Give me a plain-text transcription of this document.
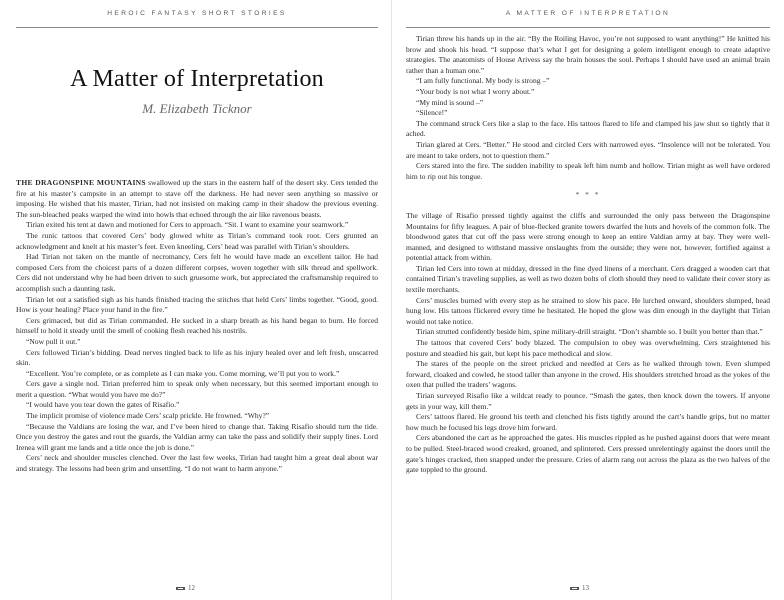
HEROIC FANTASY SHORT STORIES
A Matter of Interpretation
M. Elizabeth Ticknor

THE DRAGONSPINE MOUNTAINS swallowed up the stars in the eastern half of the desert sky. Cers tended the fire at his master’s campsite in an attempt to stave off the darkness. He had never seen anything so massive or imposing. He wished that his master, Tirian, had not insisted on making camp in their shadow the previous evening. The sun-bleached peaks warped the wind into howls that echoed through the air like ravenous beasts.

Tirian exited his tent at dawn and motioned for Cers to approach. “Sit. I want to examine your seamwork.”

The runic tattoos that covered Cers’ body glowed white as Tirian’s command took root. Cers grunted an acknowledgment and knelt at his master’s feet. Even kneeling, Cers’ head was parallel with Tirian’s shoulders.

Had Tirian not taken on the mantle of necromancy, Cers felt he would have made an excellent tailor. He had composed Cers from the choicest parts of a dozen different corpses, woven together with silk thread and spellwork. Cers did not understand why he had been driven to such gruesome work, but appreciated the craftsmanship required to accomplish such a daunting task.

Tirian let out a satisfied sigh as his hands finished tracing the stitches that held Cers’ limbs together. “Good, good. How is your healing? Place your hand in the fire.”

Cers grimaced, but did as Tirian commanded. He sucked in a sharp breath as his hand began to burn. He forced himself to hold it steady until the smell of cooking flesh reached his nostrils.

“Now pull it out.”

Cers followed Tirian’s bidding. Dead nerves tingled back to life as his injury healed over and left fresh, unscarred skin.

“Excellent. You’re complete, or as complete as I can make you. Come morning, we’ll put you to work.”

Cers gave a single nod. Tirian preferred him to speak only when necessary, but this seemed important enough to merit a question. “What would you have me do?”

“I would have you tear down the gates of Risafio.”

The implicit promise of violence made Cers’ scalp prickle. He frowned. “Why?”

“Because the Valdians are losing the war, and I’ve been hired to change that. Taking Risafio should turn the tide. Once you destroy the gates and rout the guards, the Valdian army can take the pass and solidify their supply lines. Lord Irenea will grant me lands and a title once the job is done.”

Cers’ neck and shoulder muscles clenched. Over the last few weeks, Tirian had taught him a great deal about war and strategy. The lessons had been grim and unsettling. “I do not want to harm anyone.”

12
A MATTER OF INTERPRETATION

Tirian threw his hands up in the air. “By the Roiling Havoc, you’re not supposed to want anything!” He knitted his brow and shook his head. “I suppose that’s what I get for designing a golem intelligent enough to create adaptive strategies. The anatomists of House Arivess say the brain houses the soul. Perhaps I should have used an animal brain rather than a human one.”

“I am fully functional. My body is strong –”

“Your body is not what I worry about.”

“My mind is sound –”

“Silence!”

The command struck Cers like a slap to the face. His tattoos flared to life and clamped his jaw shut so tightly that it ached.

Tirian glared at Cers. “Better.” He stood and circled Cers with narrowed eyes. “Insolence will not be tolerated. You are meant to take orders, not to question them.”

Cers stared into the fire. The sudden inability to speak left him numb and hollow. Tirian might as well have ordered him to rip out his tongue.

* * *

The village of Risafio pressed tightly against the cliffs and surrounded the only pass between the Dragonspine Mountains for fifty leagues. A pair of blue-flecked granite towers dwarfed the huts and hovels of the common folk. The bloodwood gates that cut off the pass were strong enough to keep an entire Valdian army at bay. They were well-manned, and designed to withstand massive onslaughts from the outside; they were not, however, fortified against a potential attack from within.

Tirian led Cers into town at midday, dressed in the fine dyed linens of a merchant. Cers dragged a wooden cart that contained Tirian’s traveling supplies, as well as two dozen bolts of cloth should they need to validate their cover story as textile merchants.

Cers’ muscles burned with every step as he strained to slow his pace. He lurched onward, shoulders slumped, head hung low. His tattoos flickered every time he hesitated. He hoped the glow was dim enough in the daylight that Tirian would not take notice.

Tirian strutted confidently beside him, spine military-drill straight. “Don’t shamble so. I built you better than that.”

The tattoos that covered Cers’ body blazed. The compulsion to obey was overwhelming. Cers straightened his posture and steadied his gait, but kept his pace methodical and slow.

The stares of the people on the street pricked and needled at Cers as he walked through town. Even slumped forward, cloaked and cowled, he stood taller than anyone in the crowd. His shoulders stretched broad as the yokes of the oxen that pulled the traders’ wagons.

Tirian surveyed Risafio like a wildcat ready to pounce. “Smash the gates, then knock down the towers. If anyone gets in your way, kill them.”

Cers’ tattoos flared. He ground his teeth and clenched his fists tightly around the cart’s handle grips, but no matter how much he focused his legs drove him forward.

Cers abandoned the cart as he approached the gates. His muscles rippled as he pushed against doors that were meant to be pulled. Steel-braced wood creaked, groaned, and splintered. Cers pressed unrelentingly against the doors until the gate’s hinges cracked, then snapped under the pressure. Cries of alarm rang out across the plaza as the two halves of the gate toppled to the ground.

13
